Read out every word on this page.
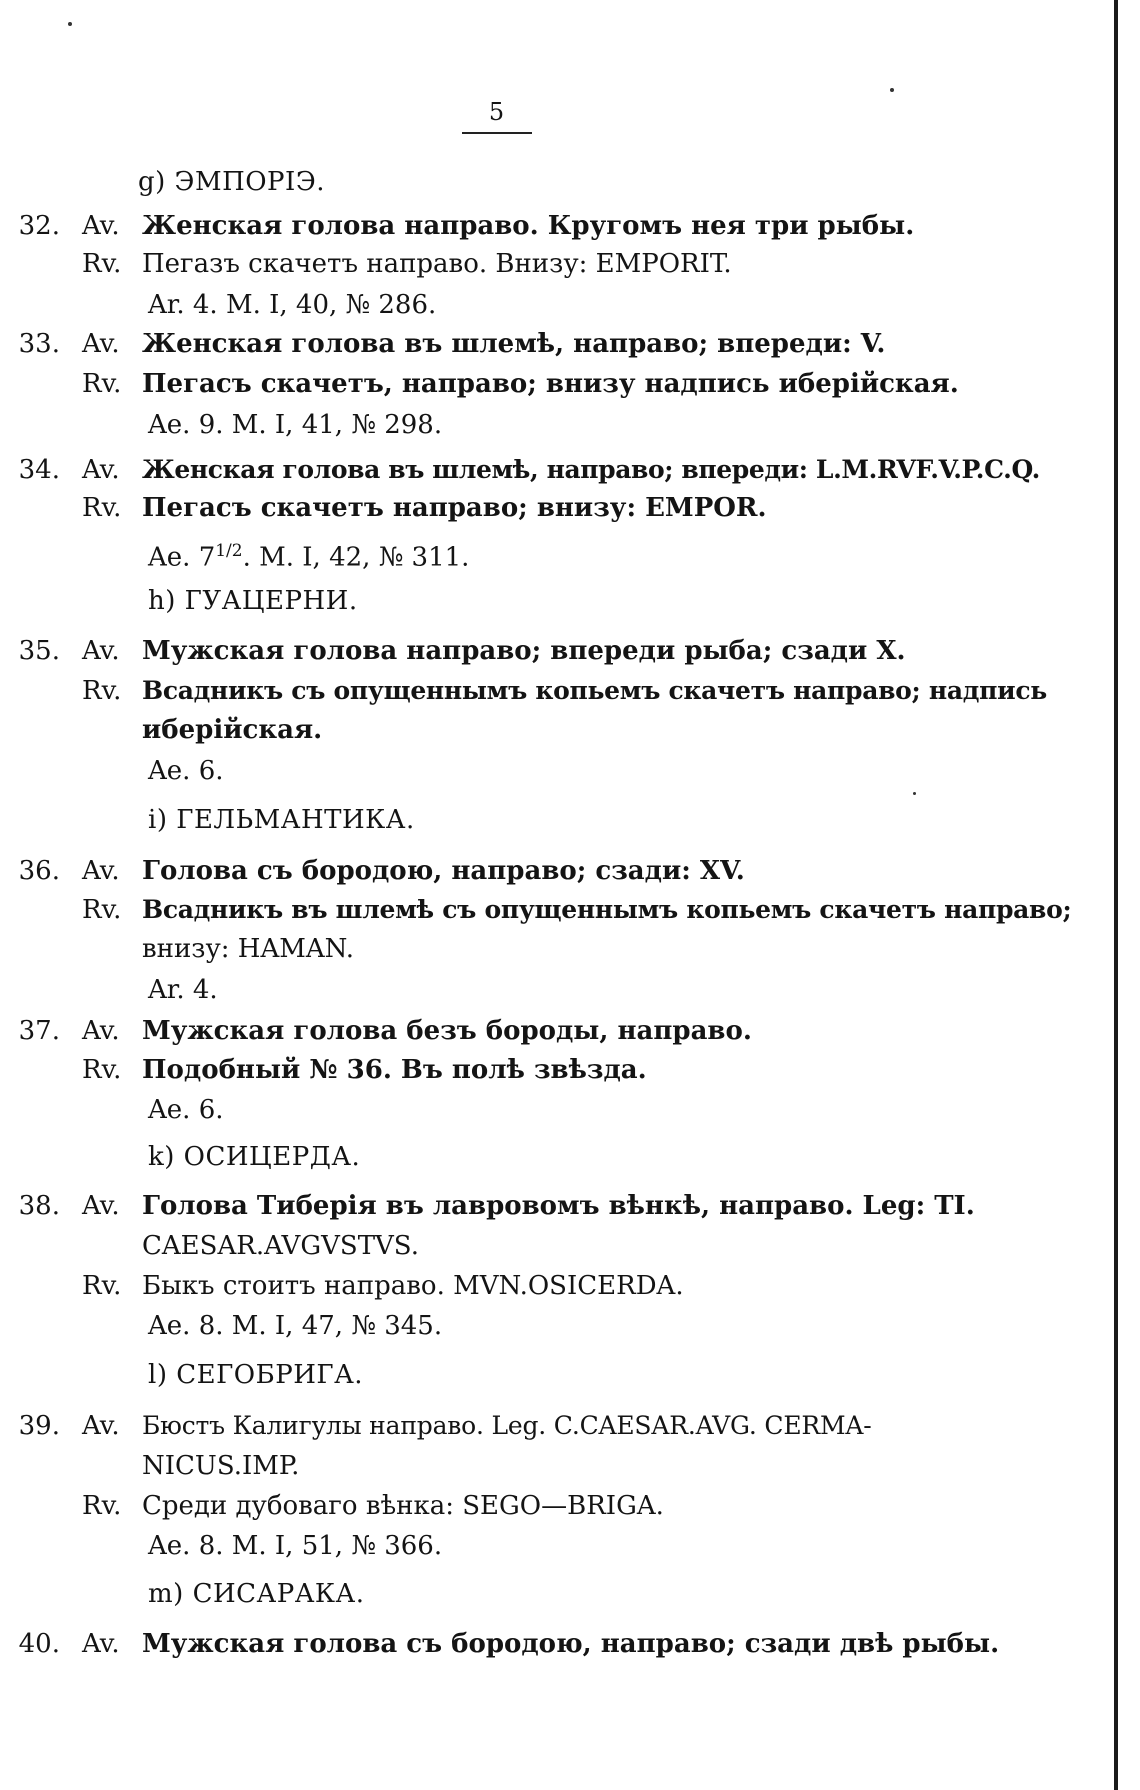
5
g) ЭМПОРІЭ.
32. Av. Женская голова направо. Кругомъ нея три рыбы.
Rv. Пегазъ скачетъ направо. Внизу: EMPORIT.
Ar. 4. M. I, 40, № 286.
33. Av. Женская голова въ шлемѣ, направо; впереди: V.
Rv. Пегасъ скачетъ, направо; внизу надпись иберійская.
Ae. 9. M. I, 41, № 298.
34. Av. Женская голова въ шлемѣ, направо; впереди: L.M.RVF.V.P.C.Q.
Rv. Пегасъ скачетъ направо; внизу: EMPOR.
Ae. $7^{1/2}$. M. I, 42, № 311.
h) ГУАЦЕРНИ.
35. Av. Мужская голова направо; впереди рыба; сзади X.
Rv. Всадникъ съ опущеннымъ копьемъ скачетъ направо; надпись
иберійская.
Ae. 6.
i) ГЕЛЬМАНТИКА.
36. Av. Голова съ бородою, направо; сзади: XV.
Rv. Всадникъ въ шлемѣ съ опущеннымъ копьемъ скачетъ направо;
внизу: HAMAN.
Ar. 4.
37. Av. Мужская голова безъ бороды, направо.
Rv. Подобный № 36. Въ полѣ звѣзда.
Ae. 6.
k) ОСИЦЕРДА.
38. Av. Голова Тиберія въ лавровомъ вѣнкѣ, направо. Leg: TI.
CAESAR.AVGVSTVS.
Rv. Быкъ стоитъ направо. MVN.OSICERDA.
Ae. 8. M. I, 47, № 345.
l) СЕГОБРИГА.
39. Av. Бюстъ Калигулы направо. Leg. C.CAESAR.AVG. CERMA-
NICUS.IMP.
Rv. Среди дубоваго вѣнка: SEGO—BRIGA.
Ae. 8. M. I, 51, № 366.
m) СИСАРАКА.
40. Av. Мужская голова съ бородою, направо; сзади двѣ рыбы.
